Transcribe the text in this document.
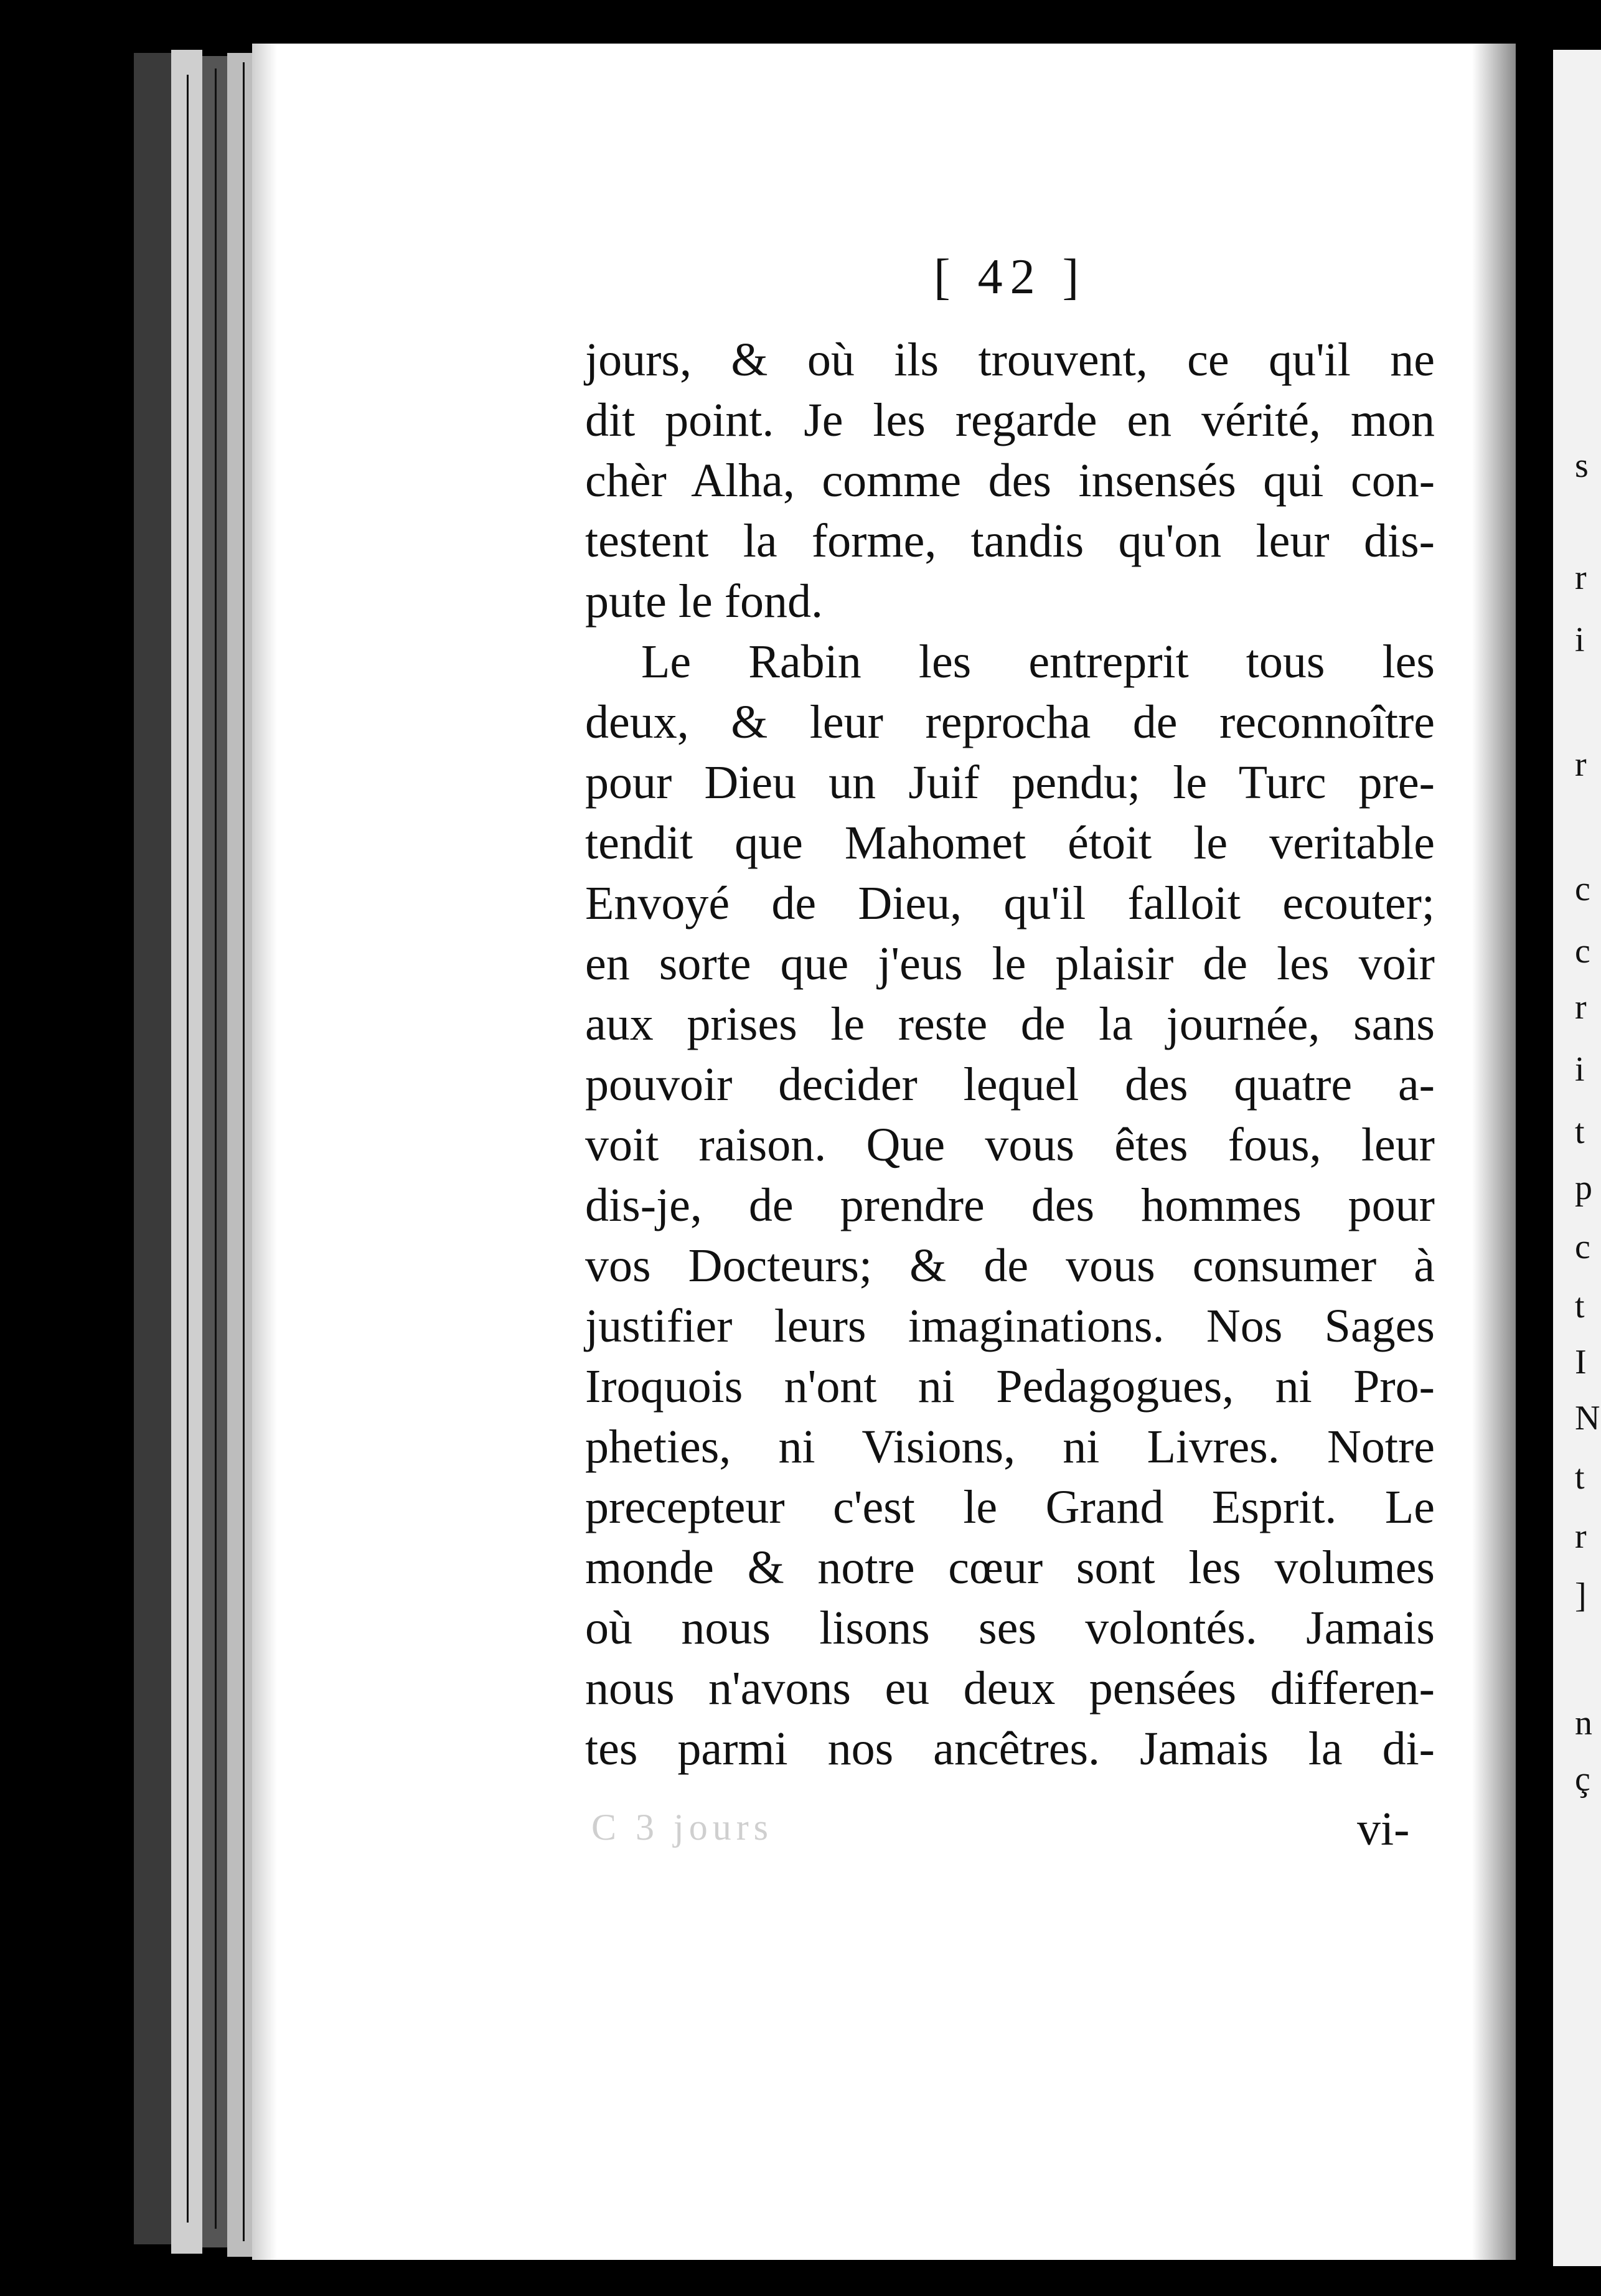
s
r
i
r
c
c
r
i
t
p
c
t
I
N
t
r
]
n
ç
[ 42 ]
jours, & où ils trouvent, ce qu'il ne
dit point. Je les regarde en vérité, mon
chèr Alha, comme des insensés qui con-
testent la forme, tandis qu'on leur dis-
pute le fond.
Le Rabin les entreprit tous les
deux, & leur reprocha de reconnoître
pour Dieu un Juif pendu; le Turc pre-
tendit que Mahomet étoit le veritable
Envoyé de Dieu, qu'il falloit ecouter;
en sorte que j'eus le plaisir de les voir
aux prises le reste de la journée, sans
pouvoir decider lequel des quatre a-
voit raison. Que vous êtes fous, leur
dis-je, de prendre des hommes pour
vos Docteurs; & de vous consumer à
justifier leurs imaginations. Nos Sages
Iroquois n'ont ni Pedagogues, ni Pro-
pheties, ni Visions, ni Livres. Notre
precepteur c'est le Grand Esprit. Le
monde & notre cœur sont les volumes
où nous lisons ses volontés. Jamais
nous n'avons eu deux pensées differen-
tes parmi nos ancêtres. Jamais la di-
C 3 jours	vi-
